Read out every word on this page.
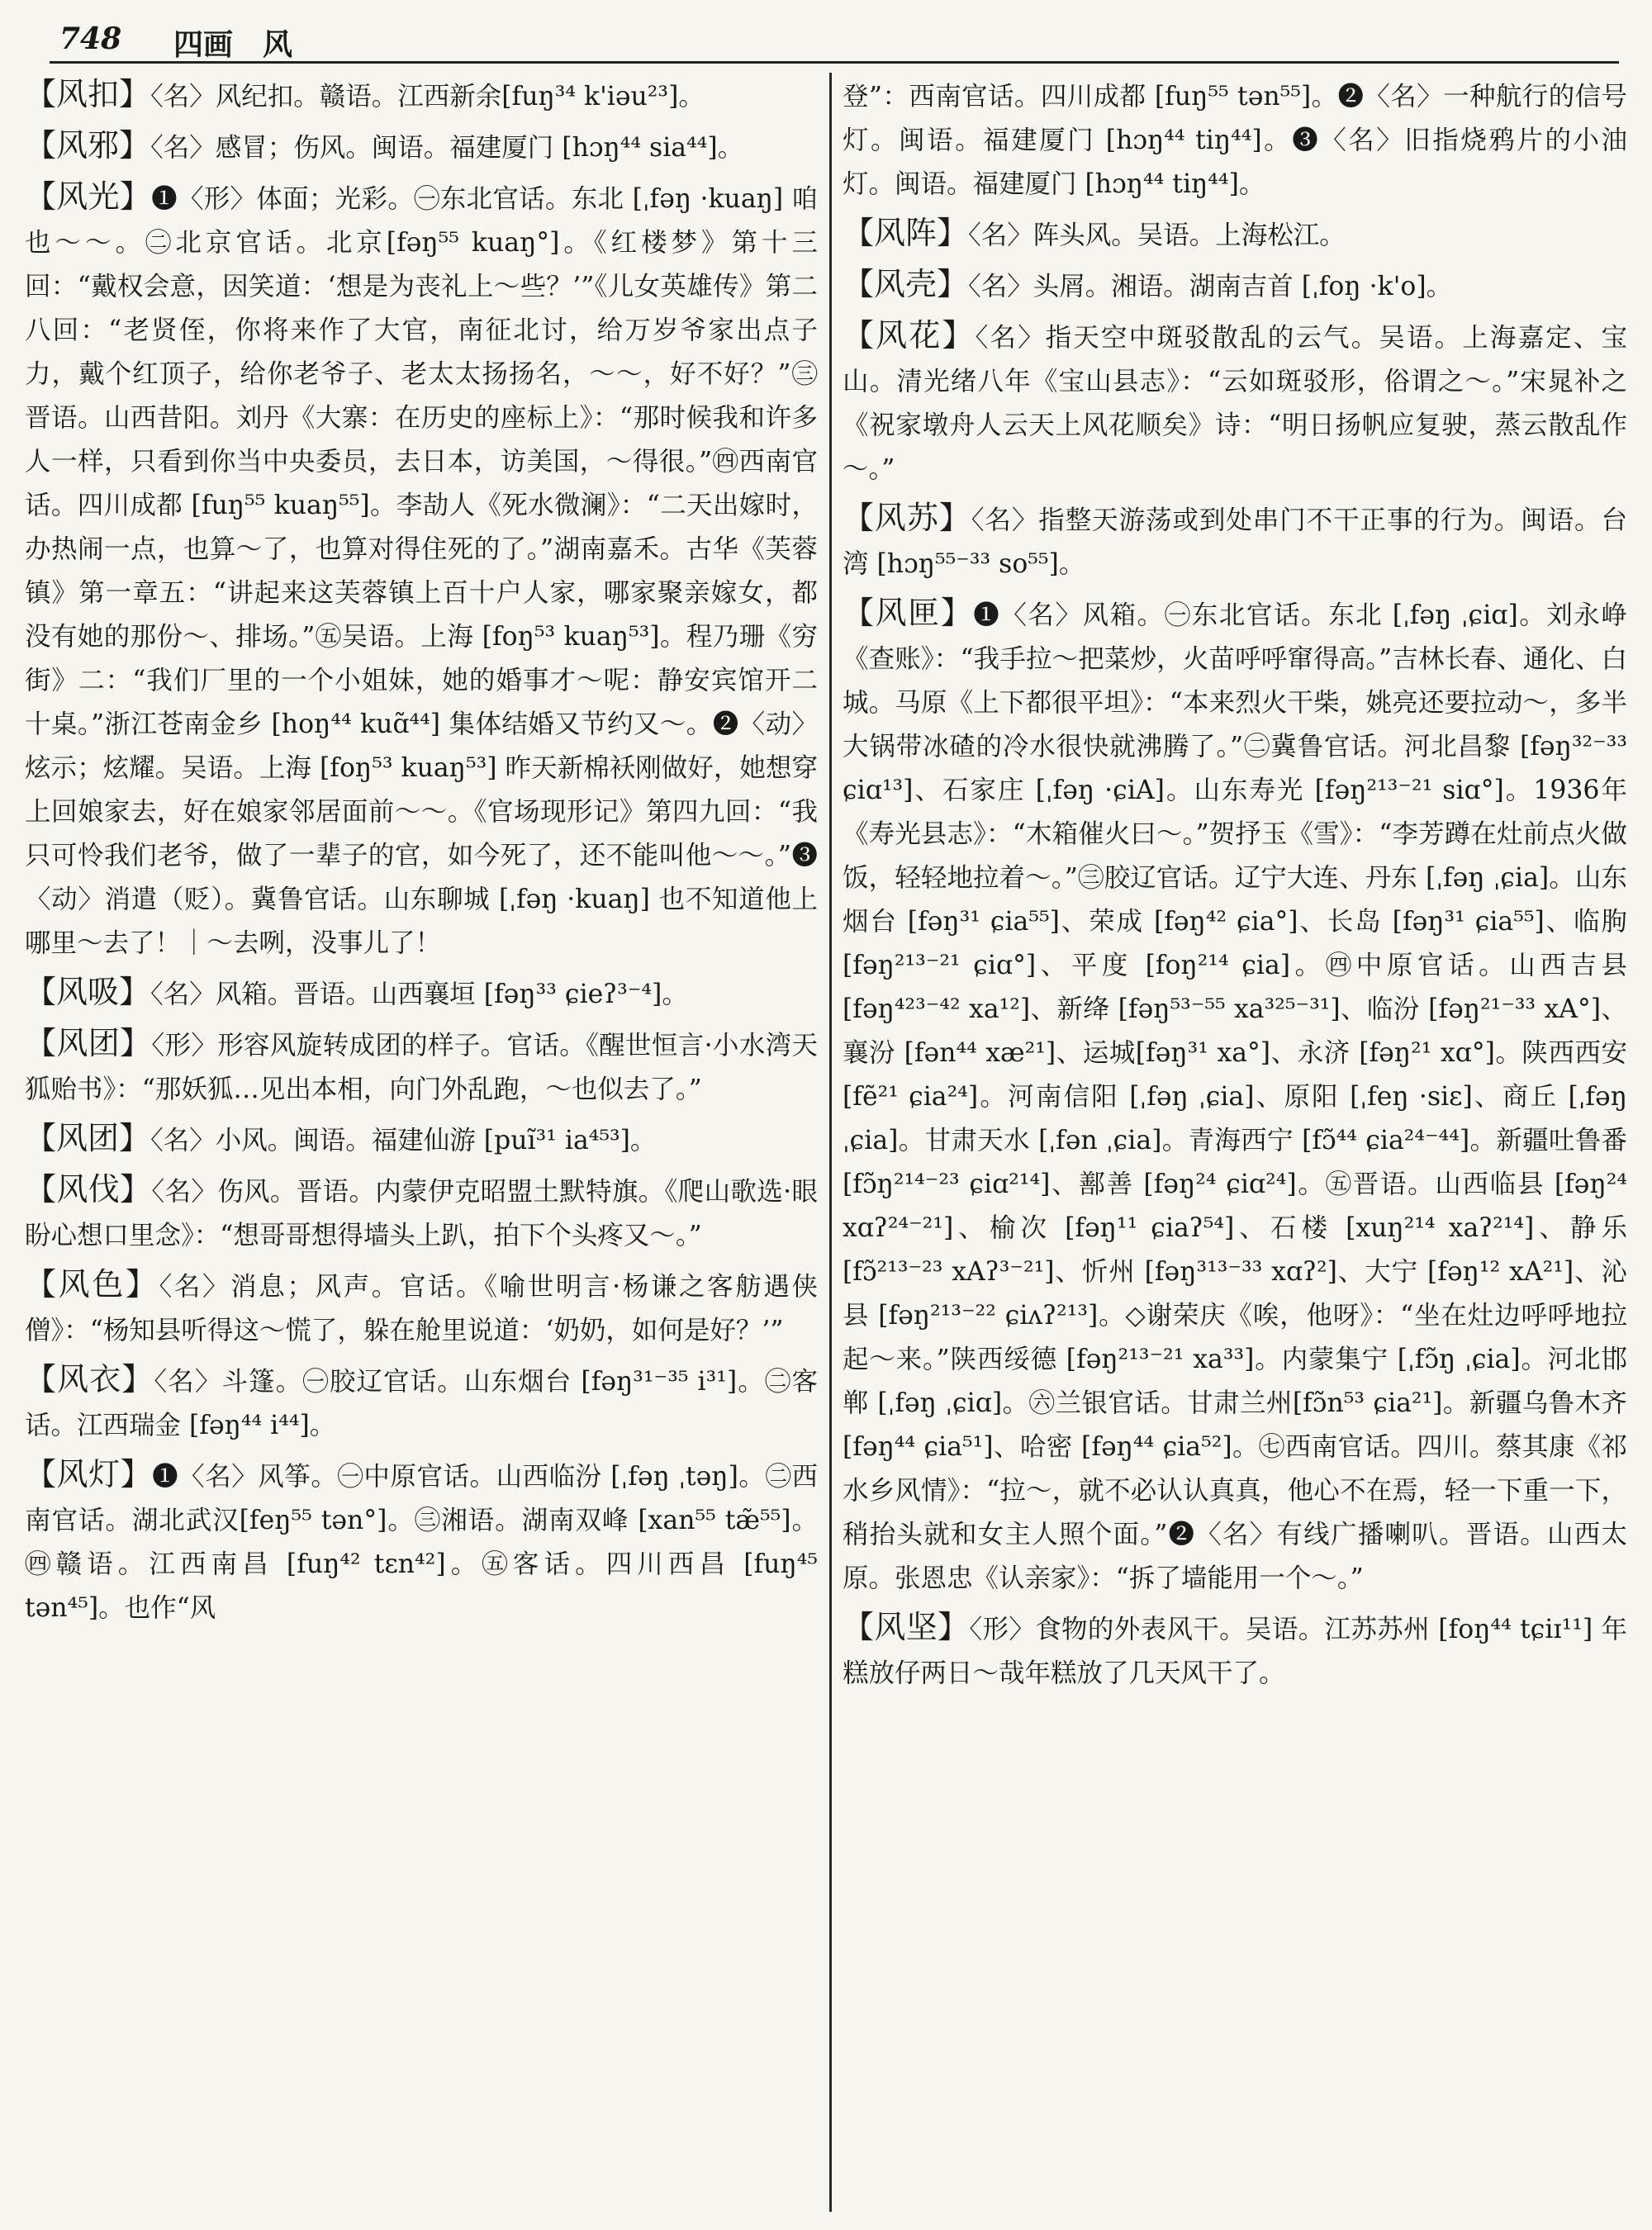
748 四画　风
【风扣】〈名〉风纪扣。赣语。江西新余[fuŋ³⁴ k'iəu²³]。
【风邪】〈名〉感冒；伤风。闽语。福建厦门 [hɔŋ⁴⁴ sia⁴⁴]。
【风光】❶〈形〉体面；光彩。㊀东北官话。东北 [ˌfəŋ ·kuaŋ] 咱也～～。㊁北京官话。北京[fəŋ⁵⁵ kuaŋ°]。《红楼梦》第十三回：“戴权会意，因笑道：‘想是为丧礼上～些？’”《儿女英雄传》第二八回：“老贤侄，你将来作了大官，南征北讨，给万岁爷家出点子力，戴个红顶子，给你老爷子、老太太扬扬名，～～，好不好？”㊂晋语。山西昔阳。刘丹《大寨：在历史的座标上》：“那时候我和许多人一样，只看到你当中央委员，去日本，访美国，～得很。”㊃西南官话。四川成都 [fuŋ⁵⁵ kuaŋ⁵⁵]。李劼人《死水微澜》：“二天出嫁时，办热闹一点，也算～了，也算对得住死的了。”湖南嘉禾。古华《芙蓉镇》第一章五：“讲起来这芙蓉镇上百十户人家，哪家聚亲嫁女，都没有她的那份～、排场。”㊄吴语。上海 [foŋ⁵³ kuaŋ⁵³]。程乃珊《穷街》二：“我们厂里的一个小姐妹，她的婚事才～呢：静安宾馆开二十桌。”浙江苍南金乡 [hoŋ⁴⁴ kuɑ̃⁴⁴] 集体结婚又节约又～。❷〈动〉炫示；炫耀。吴语。上海 [foŋ⁵³ kuaŋ⁵³] 昨天新棉袄刚做好，她想穿上回娘家去，好在娘家邻居面前～～。《官场现形记》第四九回：“我只可怜我们老爷，做了一辈子的官，如今死了，还不能叫他～～。”❸〈动〉消遣（贬）。冀鲁官话。山东聊城 [ˌfəŋ ·kuaŋ] 也不知道他上哪里～去了！｜～去咧，没事儿了！
【风吸】〈名〉风箱。晋语。山西襄垣 [fəŋ³³ ɕieʔ³⁻⁴]。
【风团】〈形〉形容风旋转成团的样子。官话。《醒世恒言·小水湾天狐贻书》：“那妖狐…见出本相，向门外乱跑，～也似去了。”
【风团】〈名〉小风。闽语。福建仙游 [puĩ³¹ ia⁴⁵³]。
【风伐】〈名〉伤风。晋语。内蒙伊克昭盟土默特旗。《爬山歌选·眼盼心想口里念》：“想哥哥想得墙头上趴，拍下个头疼又～。”
【风色】〈名〉消息；风声。官话。《喻世明言·杨谦之客舫遇侠僧》：“杨知县听得这～慌了，躲在舱里说道：‘奶奶，如何是好？’”
【风衣】〈名〉斗篷。㊀胶辽官话。山东烟台 [fəŋ³¹⁻³⁵ i³¹]。㊁客话。江西瑞金 [fəŋ⁴⁴ i⁴⁴]。
【风灯】❶〈名〉风筝。㊀中原官话。山西临汾 [ˌfəŋ ˌtəŋ]。㊁西南官话。湖北武汉[feŋ⁵⁵ tən°]。㊂湘语。湖南双峰 [xan⁵⁵ tæ̃⁵⁵]。㊃赣语。江西南昌 [fuŋ⁴² tɛn⁴²]。㊄客话。四川西昌 [fuŋ⁴⁵ tən⁴⁵]。也作“风
登”：西南官话。四川成都 [fuŋ⁵⁵ tən⁵⁵]。❷〈名〉一种航行的信号灯。闽语。福建厦门 [hɔŋ⁴⁴ tiŋ⁴⁴]。❸〈名〉旧指烧鸦片的小油灯。闽语。福建厦门 [hɔŋ⁴⁴ tiŋ⁴⁴]。
【风阵】〈名〉阵头风。吴语。上海松江。
【风壳】〈名〉头屑。湘语。湖南吉首 [ˌfoŋ ·k'o]。
【风花】〈名〉指天空中斑驳散乱的云气。吴语。上海嘉定、宝山。清光绪八年《宝山县志》：“云如斑驳形，俗谓之～。”宋晁补之《祝家墩舟人云天上风花顺矣》诗：“明日扬帆应复驶，蒸云散乱作～。”
【风苏】〈名〉指整天游荡或到处串门不干正事的行为。闽语。台湾 [hɔŋ⁵⁵⁻³³ so⁵⁵]。
【风匣】❶〈名〉风箱。㊀东北官话。东北 [ˌfəŋ ˌɕiɑ]。刘永峥《查账》：“我手拉～把菜炒，火苗呼呼窜得高。”吉林长春、通化、白城。马原《上下都很平坦》：“本来烈火干柴，姚亮还要拉动～，多半大锅带冰碴的冷水很快就沸腾了。”㊁冀鲁官话。河北昌黎 [fəŋ³²⁻³³ ɕiɑ¹³]、石家庄 [ˌfəŋ ·ɕiA]。山东寿光 [fəŋ²¹³⁻²¹ siɑ°]。1936年《寿光县志》：“木箱催火曰～。”贺抒玉《雪》：“李芳蹲在灶前点火做饭，轻轻地拉着～。”㊂胶辽官话。辽宁大连、丹东 [ˌfəŋ ˌɕia]。山东烟台 [fəŋ³¹ ɕia⁵⁵]、荣成 [fəŋ⁴² ɕia°]、长岛 [fəŋ³¹ ɕia⁵⁵]、临朐 [fəŋ²¹³⁻²¹ ɕiɑ°]、平度 [foŋ²¹⁴ ɕia]。㊃中原官话。山西吉县 [fəŋ⁴²³⁻⁴² xa¹²]、新绛 [fəŋ⁵³⁻⁵⁵ xa³²⁵⁻³¹]、临汾 [fəŋ²¹⁻³³ xA°]、襄汾 [fən⁴⁴ xæ²¹]、运城[fəŋ³¹ xa°]、永济 [fəŋ²¹ xɑ°]。陕西西安 [fẽ²¹ ɕia²⁴]。河南信阳 [ˌfəŋ ˌɕia]、原阳 [ˌfeŋ ·siɛ]、商丘 [ˌfəŋ ˌɕia]。甘肃天水 [ˌfən ˌɕia]。青海西宁 [fɔ̃⁴⁴ ɕia²⁴⁻⁴⁴]。新疆吐鲁番 [fɔ̃ŋ²¹⁴⁻²³ ɕiɑ²¹⁴]、鄯善 [fəŋ²⁴ ɕiɑ²⁴]。㊄晋语。山西临县 [fəŋ²⁴ xɑʔ²⁴⁻²¹]、榆次 [fəŋ¹¹ ɕiaʔ⁵⁴]、石楼 [xuŋ²¹⁴ xaʔ²¹⁴]、静乐 [fɔ̃²¹³⁻²³ xAʔ³⁻²¹]、忻州 [fəŋ³¹³⁻³³ xɑʔ²]、大宁 [fəŋ¹² xA²¹]、沁县 [fəŋ²¹³⁻²² ɕiʌʔ²¹³]。◇谢荣庆《唉，他呀》：“坐在灶边呼呼地拉起～来。”陕西绥德 [fəŋ²¹³⁻²¹ xa³³]。内蒙集宁 [ˌfɔ̃ŋ ˌɕia]。河北邯郸 [ˌfəŋ ˌɕiɑ]。㊅兰银官话。甘肃兰州[fɔ̃n⁵³ ɕia²¹]。新疆乌鲁木齐 [fəŋ⁴⁴ ɕia⁵¹]、哈密 [fəŋ⁴⁴ ɕia⁵²]。㊆西南官话。四川。蔡其康《祁水乡风情》：“拉～，就不必认认真真，他心不在焉，轻一下重一下，稍抬头就和女主人照个面。”❷〈名〉有线广播喇叭。晋语。山西太原。张恩忠《认亲家》：“拆了墙能用一个～。”
【风坚】〈形〉食物的外表风干。吴语。江苏苏州 [foŋ⁴⁴ tɕiɪ¹¹] 年糕放仔两日～哉年糕放了几天风干了。
